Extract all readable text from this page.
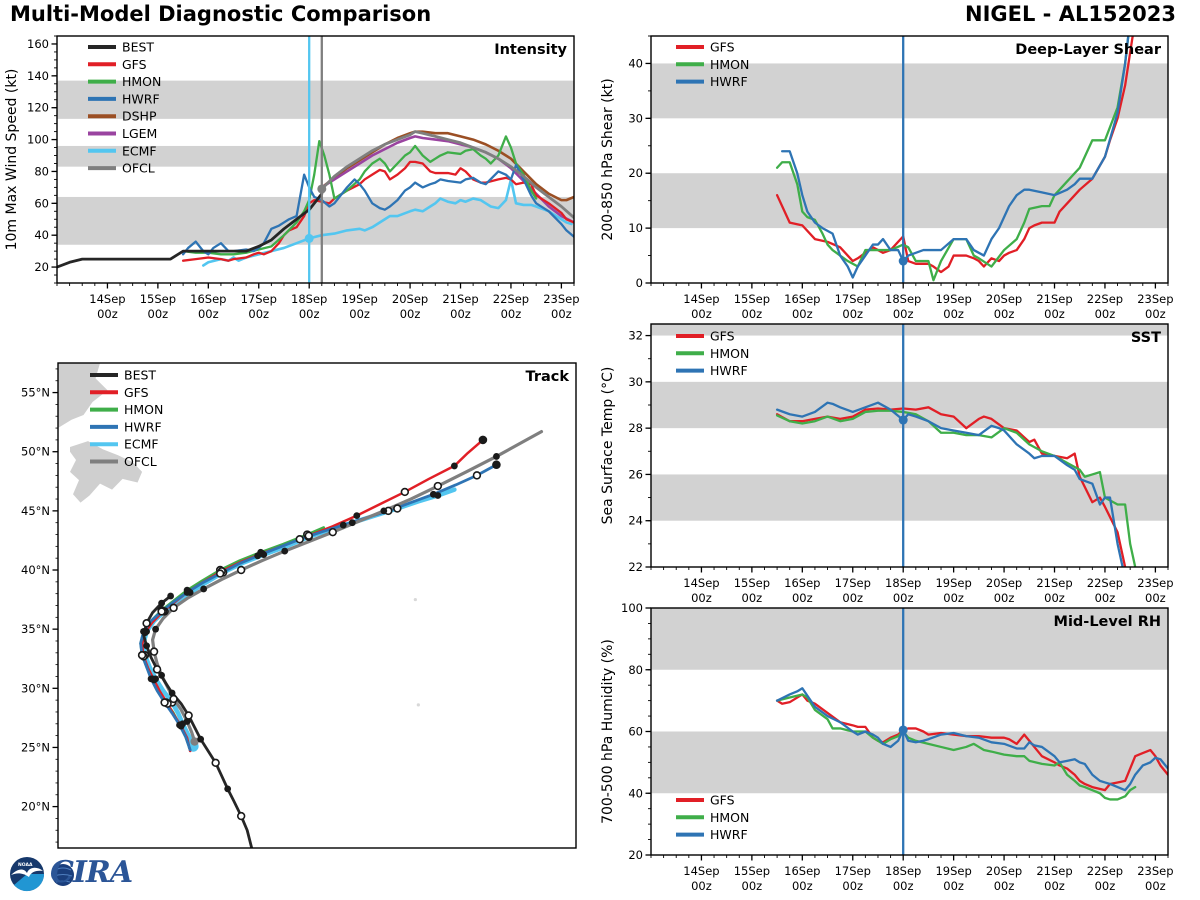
Multi-Model Diagnostic Comparison	NIGEL - AL152023
14Sep
00z
15Sep
00z
16Sep
00z
17Sep
00z
18Sep
00z
19Sep
00z
20Sep
00z
21Sep
00z
22Sep
00z
23Sep
00z
20
40
60
80
100
120
140
160
10m Max Wind Speed (kt)
Intensity
BEST
GFS
HMON
HWRF
DSHP
LGEM
ECMF
OFCL
14Sep
00z
15Sep
00z
16Sep
00z
17Sep
00z
18Sep
00z
19Sep
00z
20Sep
00z
21Sep
00z
22Sep
00z
23Sep
00z
0
10
20
30
40
200-850 hPa Shear (kt)
Deep-Layer Shear
GFS
HMON
HWRF
14Sep
00z
15Sep
00z
16Sep
00z
17Sep
00z
18Sep
00z
19Sep
00z
20Sep
00z
21Sep
00z
22Sep
00z
23Sep
00z
22
24
26
28
30
32
Sea Surface Temp (°C)
SST
GFS
HMON
HWRF
14Sep
00z
15Sep
00z
16Sep
00z
17Sep
00z
18Sep
00z
19Sep
00z
20Sep
00z
21Sep
00z
22Sep
00z
23Sep
00z
20
40
60
80
100
700-500 hPa Humidity (%)
Mid-Level RH
GFS
HMON
HWRF
20°N
25°N
30°N
35°N
40°N
45°N
50°N
55°N
Track
BEST
GFS
HMON
HWRF
ECMF
OFCL
NOAA CIRA
